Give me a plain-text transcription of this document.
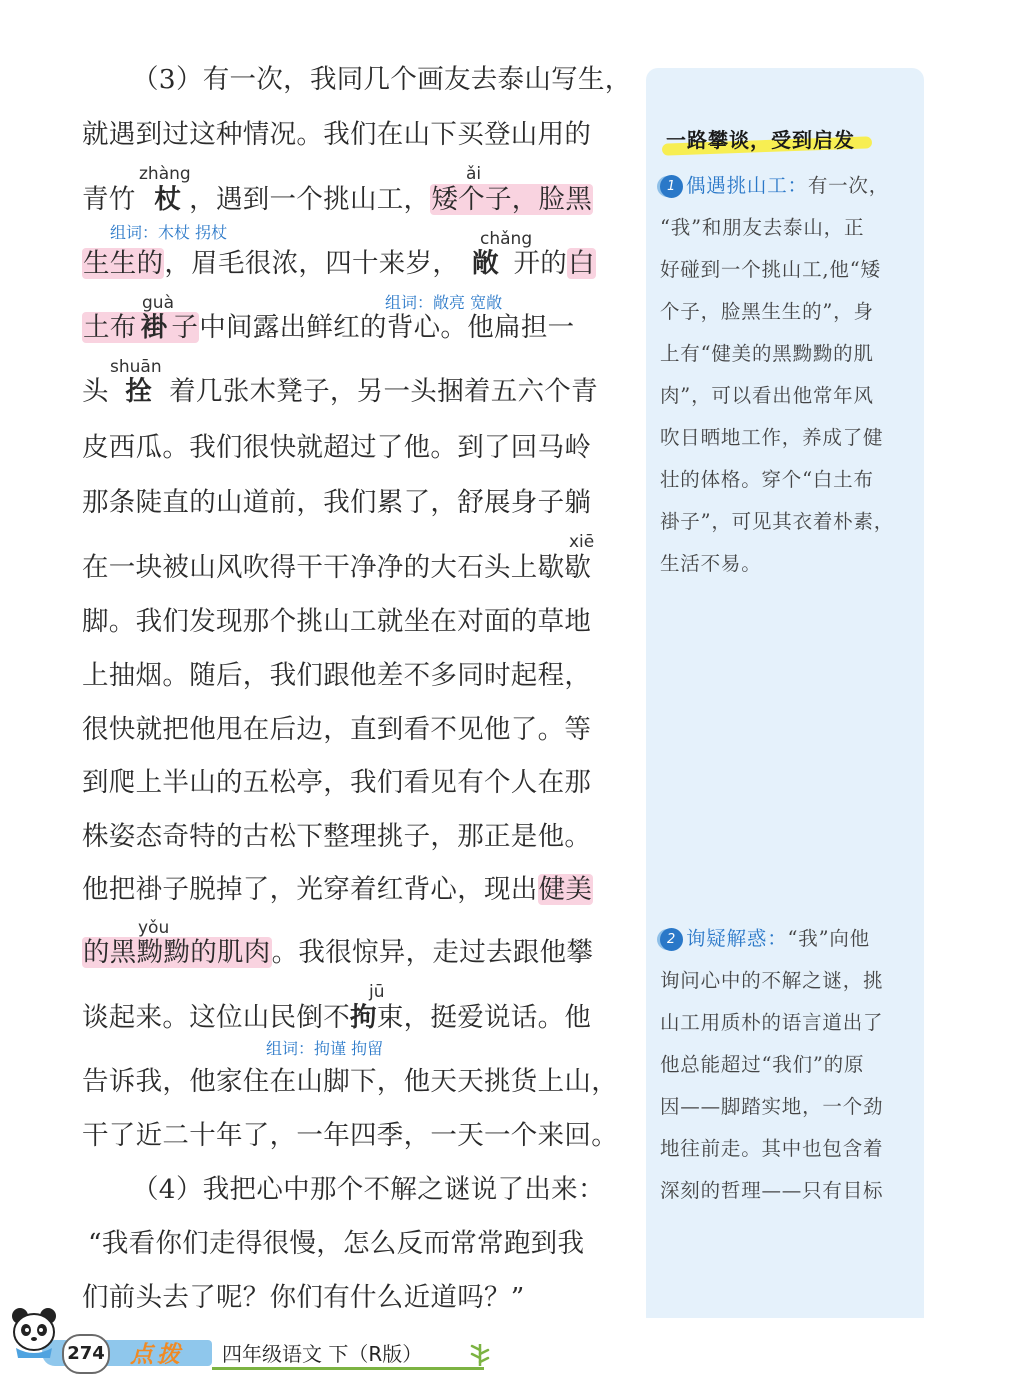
（3）有一次，我同几个画友去泰山写生，
就遇到过这种情况。我们在山下买登山用的
青竹 杖 ，遇到一个挑山工，矮个子，脸黑
生生的，眉毛很浓，四十来岁， 敞 开的白
土布 褂 子中间露出鲜红的背心。他扁担一
头 拴 着几张木凳子，另一头捆着五六个青
皮西瓜。我们很快就超过了他。到了回马岭
那条陡直的山道前，我们累了，舒展身子躺
在一块被山风吹得干干净净的大石头上歇歇
脚。我们发现那个挑山工就坐在对面的草地
上抽烟。随后，我们跟他差不多同时起程，
很快就把他甩在后边，直到看不见他了。等
到爬上半山的五松亭，我们看见有个人在那
株姿态奇特的古松下整理挑子，那正是他。
他把褂子脱掉了，光穿着红背心，现出健美
的黑黝黝的肌肉。我很惊异，走过去跟他攀
谈起来。这位山民倒不拘束，挺爱说话。他
告诉我，他家住在山脚下，他天天挑货上山，
干了近二十年了，一年四季，一天一个来回。
（4）我把心中那个不解之谜说了出来：
“我看你们走得很慢，怎么反而常常跑到我
们前头去了呢？你们有什么近道吗？”
zhàng	ǎi
chǎng
guà
shuān
xiē
yǒu
jū
组词：木杖 拐杖
组词：敞亮 宽敞
组词：拘谨 拘留
一路攀谈，受到启发
1 偶遇挑山工：有一次，
“我”和朋友去泰山，正
好碰到一个挑山工,他“矮
个子，脸黑生生的”，身
上有“健美的黑黝黝的肌
肉”，可以看出他常年风
吹日晒地工作，养成了健
壮的体格。穿个“白土布
褂子”，可见其衣着朴素，
生活不易。
2 询疑解惑：“我”向他
询问心中的不解之谜，挑
山工用质朴的语言道出了
他总能超过“我们”的原
因——脚踏实地，一个劲
地往前走。其中也包含着
深刻的哲理——只有目标
274 点拨 四年级语文 下（R版）
